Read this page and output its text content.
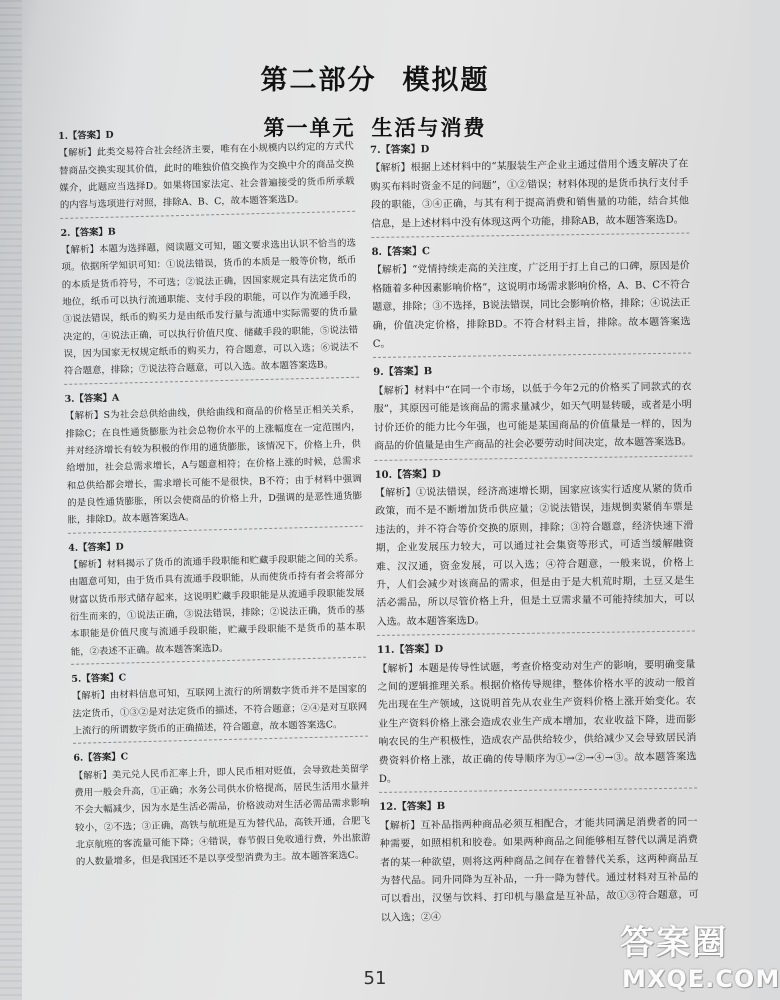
第二部分 模拟题
第一单元 生活与消费
1.【答案】D
【解析】此类交易符合社会经济主要，唯有在小规模内以约定的方式代替商品交换实现其价值，此时的唯独价值交换作为交换中介的商品交换媒介，此题应当选择D。如果将国家法定、社会普遍接受的货币所承载的内容与选项进行对照，排除A、B、C，故本题答案选D。
2.【答案】B
【解析】本题为选择题，阅读题文可知，题文要求选出认识不恰当的选项。依据所学知识可知：①说法错误，货币的本质是一般等价物，纸币的本质是货币符号，不可选；②说法正确，因国家规定具有法定货币的地位，纸币可以执行流通职能、支付手段的职能，可以作为流通手段，③说法错误，纸币的购买力是由纸币发行量与流通中实际需要的货币量决定的，④说法正确，可以执行价值尺度、储藏手段的职能，⑤说法错误，因为国家无权规定纸币的购买力，符合题意，可以入选；⑥说法不符合题意，排除；⑦说法符合题意，可以入选。故本题答案选B。
3.【答案】A
【解析】S为社会总供给曲线，供给曲线和商品的价格呈正相关关系，排除C；在良性通货膨胀为社会总物价水平的上涨幅度在一定范围内，并对经济增长有较为积极的作用的通货膨胀，该情况下，价格上升，供给增加，社会总需求增长，A与题意相符；在价格上涨的时候，总需求和总供给都会增长，需求增长可能不是很快，B不符；由于材料中强调的是良性通货膨胀，所以会使商品的价格上升，D强调的是恶性通货膨胀，排除D。故本题答案选A。
4.【答案】D
【解析】材料揭示了货币的流通手段职能和贮藏手段职能之间的关系。由题意可知，由于货币具有流通手段职能，从而使货币持有者会将部分财富以货币形式储存起来，这说明贮藏手段职能是从流通手段职能发展衍生而来的，①说法正确，③说法错误，排除；②说法正确，货币的基本职能是价值尺度与流通手段职能，贮藏手段职能不是货币的基本职能，②表述不正确。故本题答案选D。
5.【答案】C
【解析】由材料信息可知，互联网上流行的所谓数字货币并不是国家的法定货币，①③②是对法定货币的描述，不符合题意；②④是对互联网上流行的所谓数字货币的正确描述，符合题意，故本题答案选C。
6.【答案】C
【解析】美元兑人民币汇率上升，即人民币相对贬值，会导致赴美留学费用一般会升高，①正确；水务公司供水价格提高，居民生活用水量并不会大幅减少，因为水是生活必需品，价格波动对生活必需品需求影响较小，②不选；③正确，高铁与航班是互为替代品，高铁开通，合肥飞北京航班的客流量可能下降；④错误，春节假日免收通行费，外出旅游的人数量增多，但是我国还不是以享受型消费为主。故本题答案选C。
7.【答案】D
【解析】根据上述材料中的“某服装生产企业主通过借用个透支解决了在购买布料时资金不足的问题”，①②错误；材料体现的是货币执行支付手段的职能，③④正确，与其有利于提高消费和销售量的功能，结合其他信息，是上述材料中没有体现这两个功能，排除AB，故本题答案选D。
8.【答案】C
【解析】“党情持续走高的关注度，广泛用于打上自己的口碑，原因是价格随着多种因素影响价格”，这说明市场需求影响价格，A、B、C不符合题意，排除；③不选择，B说法错误，同比会影响价格，排除；④说法正确，价值决定价格，排除BD。不符合材料主旨，排除。故本题答案选C。
9.【答案】B
【解析】材料中“在同一个市场，以低于今年2元的价格买了同款式的衣服”，其原因可能是该商品的需求量减少，如天气明显转暖，或者是小明讨价还价的能力比今年强，也可能是某国商品的价值量是一样的，因为商品的价值量是由生产商品的社会必要劳动时间决定，故本题答案选B。
10.【答案】D
【解析】①说法错误，经济高速增长期，国家应该实行适度从紧的货币政策，而不是不断增加货币供应量；②说法错误，违规倒卖紧俏车票是违法的，并不符合等价交换的原则，排除；③符合题意，经济快速下滑期，企业发展压力较大，可以通过社会集资等形式，可适当缓解融资难、汉汉通，资金发展，可以入选；④符合题意，一般来说，价格上升，人们会减少对该商品的需求，但是由于是大机荒时期，土豆又是生活必需品，所以尽管价格上升，但是土豆需求量不可能持续加大，可以入选。故本题答案选D。
11.【答案】D
【解析】本题是传导性试题，考查价格变动对生产的影响，要明确变量之间的逻辑推理关系。根据价格传导规律，整体价格水平的波动一般首先出现在生产领域，这说明首先从农业生产资料价格上涨开始变化。农业生产资料价格上涨会造成农业生产成本增加，农业收益下降，进而影响农民的生产积极性，造成农产品供给较少，供给减少又会导致居民消费资料价格上涨，故正确的传导顺序为①→②→④→③。故本题答案选D。
12.【答案】B
【解析】互补品指两种商品必须互相配合，才能共同满足消费者的同一种需要，如照相机和胶卷。如果两种商品之间能够相互替代以满足消费者的某一种欲望，则将这两种商品之间存在着替代关系，这两种商品互为替代品。同升同降为互补品，一升一降为替代。通过材料对互补品的可以看出，汉堡与饮料、打印机与墨盒是互补品，故①③符合题意，可以入选；②④
51
答案圈
MXQE.COM
